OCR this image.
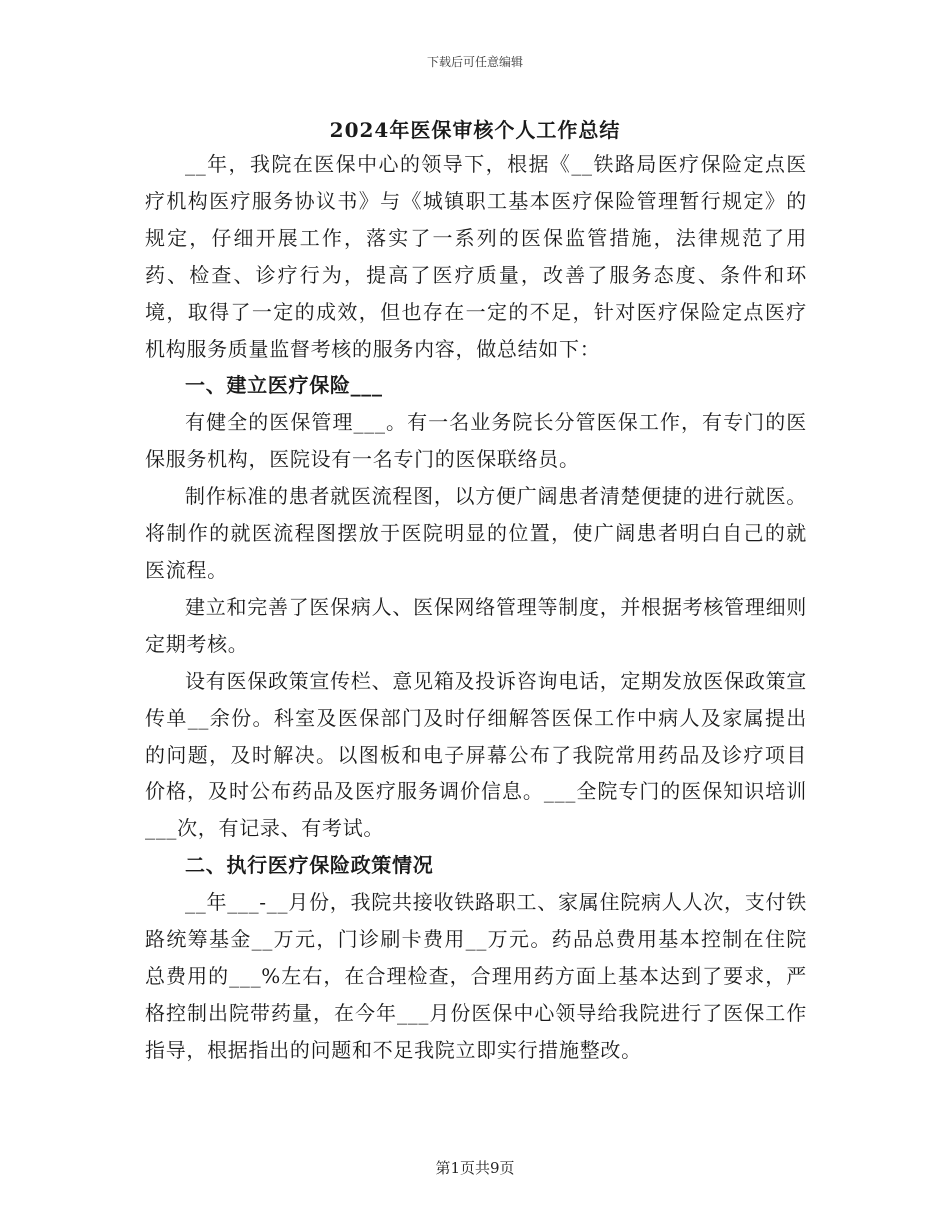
下载后可任意编辑
2024年医保审核个人工作总结

__年，我院在医保中心的领导下，根据《__铁路局医疗保险定点医疗机构医疗服务协议书》与《城镇职工基本医疗保险管理暂行规定》的规定，仔细开展工作，落实了一系列的医保监管措施，法律规范了用药、检查、诊疗行为，提高了医疗质量，改善了服务态度、条件和环境，取得了一定的成效，但也存在一定的不足，针对医疗保险定点医疗机构服务质量监督考核的服务内容，做总结如下：

一、建立医疗保险___

有健全的医保管理___。有一名业务院长分管医保工作，有专门的医保服务机构，医院设有一名专门的医保联络员。

制作标准的患者就医流程图，以方便广阔患者清楚便捷的进行就医。将制作的就医流程图摆放于医院明显的位置，使广阔患者明白自己的就医流程。

建立和完善了医保病人、医保网络管理等制度，并根据考核管理细则定期考核。

设有医保政策宣传栏、意见箱及投诉咨询电话，定期发放医保政策宣传单__余份。科室及医保部门及时仔细解答医保工作中病人及家属提出的问题，及时解决。以图板和电子屏幕公布了我院常用药品及诊疗项目价格，及时公布药品及医疗服务调价信息。___全院专门的医保知识培训___次，有记录、有考试。

二、执行医疗保险政策情况

__年___-__月份，我院共接收铁路职工、家属住院病人人次，支付铁路统筹基金__万元，门诊刷卡费用__万元。药品总费用基本控制在住院总费用的___%左右，在合理检查，合理用药方面上基本达到了要求，严格控制出院带药量，在今年___月份医保中心领导给我院进行了医保工作指导，根据指出的问题和不足我院立即实行措施整改。

第1页共9页
